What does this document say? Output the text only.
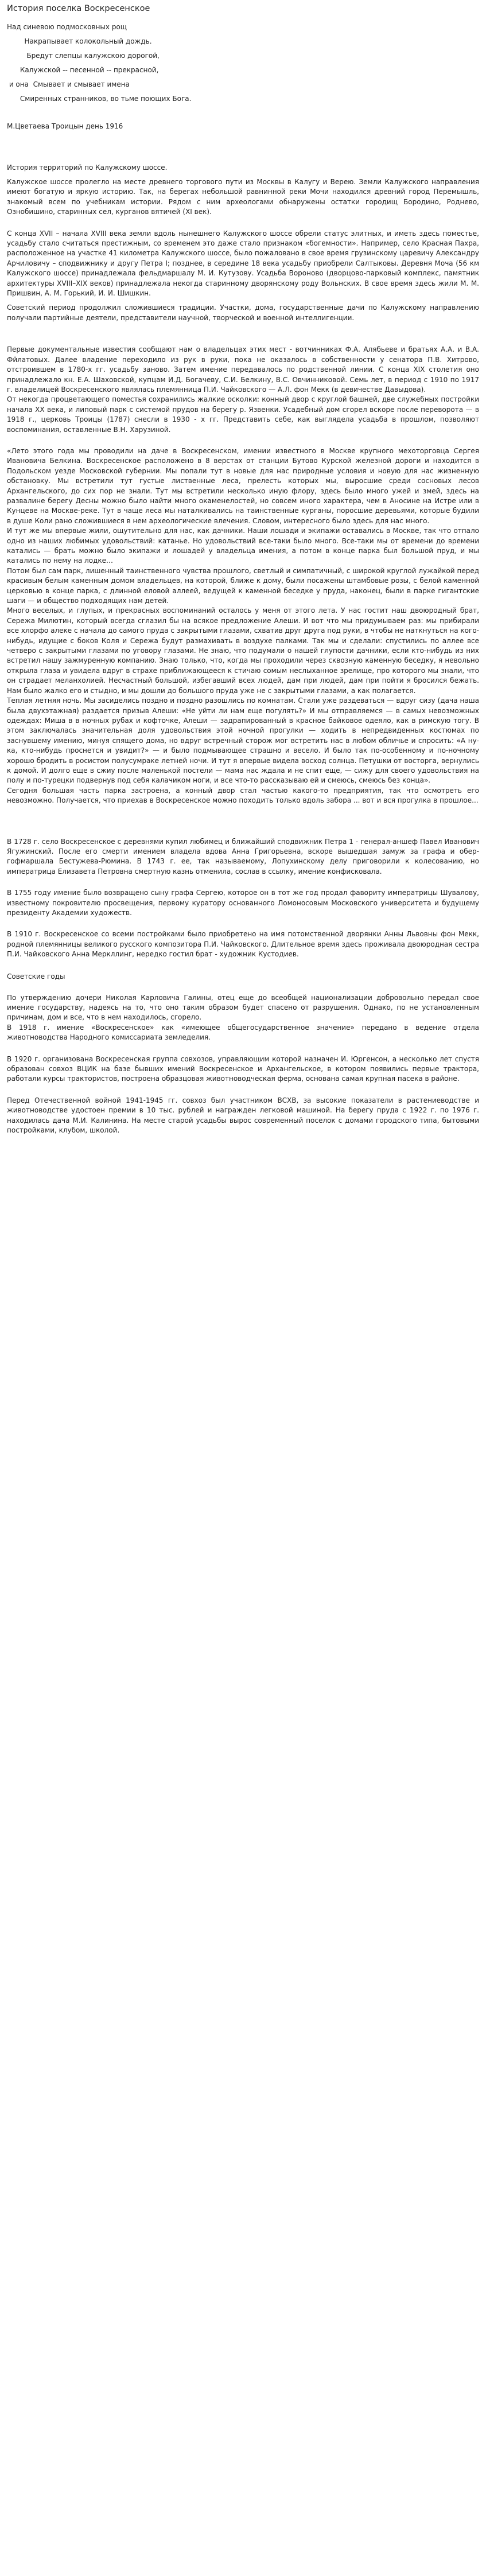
История поселка Воскресенское
Над синевою подмосковных рощ
Накрапывает колокольный дождь.
Бредут слепцы калужскою дорогой,
Калужской -- песенной -- прекрасной,
и она  Смывает и смывает имена
Смиренных странников, во тьме поющих Бога.
М.Цветаева Троицын день 1916
История территорий по Калужскому шоссе.

Калужское шоссе пролегло на месте древнего торгового пути из Москвы в Калугу и Верею. Земли Калужского направления имеют богатую и яркую историю. Так, на берегах небольшой равнинной реки Мочи находился древний город Перемышль, знакомый всем по учебникам истории. Рядом с ним археологами обнаружены остатки городищ Бородино, Роднево, Ознобишино, старинных сел, курганов вятичей (XI век).

С конца XVII – начала XVIII века земли вдоль нынешнего Калужского шоссе обрели статус элитных, и иметь здесь поместье, усадьбу стало считаться престижным, со временем это даже стало признаком «богемности». Например, село Красная Пахра, расположенное на участке 41 километра Калужского шоссе, было пожаловано в свое время грузинскому царевичу Александру Арчиловичу – сподвижнику и другу Петра I; позднее, в середине 18 века усадьбу приобрели Салтыковы. Деревня Моча (56 км Калужского шоссе) принадлежала фельдмаршалу М. И. Кутузову. Усадьба Вороново (дворцово-парковый комплекс, памятник архитектуры XVIII–XIX веков) принадлежала некогда старинному дворянскому роду Вольнских. В свое время здесь жили М. М. Пришвин, А. М. Горький, И. И. Шишкин.

Советский период продолжил сложившиеся традиции. Участки, дома, государственные дачи по Калужскому направлению получали партийные деятели, представители научной, творческой и военной интеллигенции.

Первые документальные известия сообщают нам о владельцах этих мест - вотчинниках Ф.А. Алябьеве и братьях А.А. и В.А. Фйлатовых. Далее владение переходило из рук в руки, пока не оказалось в собственности у сенатора П.В. Хитрово, отстроившем в 1780-х гг. усадьбу заново. Затем имение передавалось по родственной линии. С конца XIX столетия оно принадлежало кн. Е.А. Шаховской, купцам И.Д. Богачеву, С.И. Белкину, В.С. Овчинниковой. Семь лет, в период с 1910 по 1917 г. владелицей Воскресенского являлась племянница П.И. Чайковского — А.Л. фон Мекк (в девичестве Давыдова).
От некогда процветающего поместья сохранились жалкие осколки: конный двор с круглой башней, две служебных постройки начала XX века, и липовый парк с системой прудов на берегу р. Язвенки. Усадебный дом сгорел вскоре после переворота — в 1918 г., церковь Троицы (1787) снесли в 1930 - х гг. Представить себе, как выглядела усадьба в прошлом, позволяют воспоминания, оставленные В.Н. Харузиной.

«Лето этого года мы проводили на даче в Воскресенском, имении известного в Москве крупного мехоторговца Сергея Ивановича Белкина. Воскресенское расположено в 8 верстах от станции Бутово Курской железной дороги и находится в Подольском уезде Московской губернии. Мы попали тут в новые для нас природные условия и новую для нас жизненную обстановку. Мы встретили тут густые лиственные леса, прелесть которых мы, выросшие среди сосновых лесов Архангельского, до сих пор не знали. Тут мы встретили несколько иную флору, здесь было много ужей и змей, здесь на развалине берегу Десны можно было найти много окаменелостей, но совсем иного характера, чем в Аносине на Истре или в Кунцеве на Москве-реке. Тут в чаще леса мы наталкивались на таинственные курганы, поросшие деревьями, которые будили в душе Коли рано сложившиеся в нем археологические влечения. Словом, интересного было здесь для нас много.

И тут же мы впервые жили, ощутительно для нас, как дачники. Наши лошади и экипажи оставались в Москве, так что отпало одно из наших любимых удовольствий: катанье. Но удовольствий все-таки было много. Все-таки мы от времени до времени катались — брать можно было экипажи и лошадей у владельца имения, а потом в конце парка был большой пруд, и мы катались по нему на лодке…

Потом был сам парк, лишенный таинственного чувства прошлого, светлый и симпатичный, с широкой круглой лужайкой перед красивым белым каменным домом владельцев, на которой, ближе к дому, были посажены штамбовые розы, с белой каменной церковью в конце парка, с длинной еловой аллеей, ведущей к каменной беседке у пруда, наконец, были в парке гигантские шаги — и общество подходящих нам детей.

Много веселых, и глупых, и прекрасных воспоминаний осталось у меня от этого лета. У нас гостит наш двоюродный брат, Сережа Милютин, который всегда сглазил бы на всякое предложение Алеши. И вот что мы придумываем раз: мы прибирали все хлорфо алеке с начала до самого пруда с закрытыми глазами, схватив друг друга под руки, в чтобы не наткнуться на кого-нибудь, идущие с боков Коля и Сережа будут размахивать в воздухе палками. Так мы и сделали: спустились по аллее все четверо с закрытыми глазами по уговору глазами. Не знаю, что подумали о нашей глупости дачники, если кто-нибудь из них встретил нашу зажмуренную компанию. Знаю только, что, когда мы проходили через сквозную каменную беседку, я невольно открыла глаза и увидела вдруг в страхе приближающееся к стичаю сомым неслыханное зрелище, про которого мы знали, что он страдает меланхолией. Несчастный большой, избегавший всех людей, дам при людей, дам при пойти я бросился бежать. Нам было жалко его и стыдно, и мы дошли до большого пруда уже не с закрытыми глазами, а как полагается.

Теплая летняя ночь. Мы засиделись поздно и поздно разошлись по комнатам. Стали уже раздеваться — вдруг сизу (дача наша была двухэтажная) раздается призыв Алеши: «Не уйти ли нам еще погулять?» И мы отправляемся — в самых невозможных одеждах: Миша в в ночных рубах и кофточке, Алеши — задрапированный в красное байковое одеяло, как в римскую тогу. В этом заключалась значительная доля удовольствия этой ночной прогулки — ходить в непредвиденных костюмах по заснувшему имению, минуя спящего дома, но вдруг встречный сторож мог встретить нас в любом обличье и спросить: «А ну-ка, кто-нибудь проснется и увидит?» — и было подмывающее страшно и весело. И было так по-особенному и по-ночному хорошо бродить в росистом полусумраке летней ночи. И тут я впервые видела восход солнца. Петушки от восторга, вернулись к домой. И долго еще в сжиу после маленькой постели — мама нас ждала и не спит еще, — сижу для своего удовольствия на полу и по-турецки подвернув под себя калачиком ноги, и все что-то рассказываю ей и смеюсь, смеюсь без конца».

Сегодня большая часть парка застроена, а конный двор стал частью какого-то предприятия, так что осмотреть его невозможно. Получается, что приехав в Воскресенское можно походить только вдоль забора ... вот и вся прогулка в прошлое...

В 1728 г. село Воскресенское с деревнями купил любимец и ближайший сподвижник Петра 1 - генерал-аншеф Павел Иванович Ягужинский. После его смерти имением владела вдова Анна Григорьевна, вскоре вышедшая замуж за графа и обер-гофмаршала Бестужева-Рюмина. В 1743 г. ее, так называемому, Лопухинскому делу приговорили к колесованию, но императрица Елизавета Петровна смертную казнь отменила, сослав в ссылку, имение конфисковала.

В 1755 году имение было возвращено сыну графа Сергею, которое он в тот же год продал фавориту императрицы Шувалову, известному покровителю просвещения, первому куратору основанного Ломоносовым Московского университета и будущему президенту Академии художеств.

В 1910 г. Воскресенское со всеми постройками было приобретено на имя потомственной дворянки Анны Львовны фон Мекк, родной племянницы великого русского композитора П.И. Чайковского. Длительное время здесь проживала двоюродная сестра П.И. Чайковского Анна Меркллинг, нередко гостил брат - художник Кустодиев.

Советские годы

По утверждению дочери Николая Карловича Галины, отец еще до всеобщей национализации добровольно передал свое имение государству, надеясь на то, что оно таким образом будет спасено от разрушения. Однако, по не установленным причинам, дом и все, что в нем находилось, сгорело.

В 1918 г. имение «Воскресенское» как «имеющее общегосударственное значение» передано в ведение отдела животноводства Народного комиссариата земледелия.

В 1920 г. организована Воскресенская группа совхозов, управляющим которой назначен И. Юргенсон, а несколько лет спустя образован совхоз ВЦИК на базе бывших имений Воскресенское и Архангельское, в котором появились первые трактора, работали курсы трактористов, построена образцовая животноводческая ферма, основана самая крупная пасека в районе.

Перед Отечественной войной 1941-1945 гг. совхоз был участником ВСХВ, за высокие показатели в растениеводстве и животноводстве удостоен премии в 10 тыс. рублей и награжден легковой машиной. На берегу пруда с 1922 г. по 1976 г. находилась дача М.И. Калинина. На месте старой усадьбы вырос современный поселок с домами городского типа, бытовыми постройками, клубом, школой.
